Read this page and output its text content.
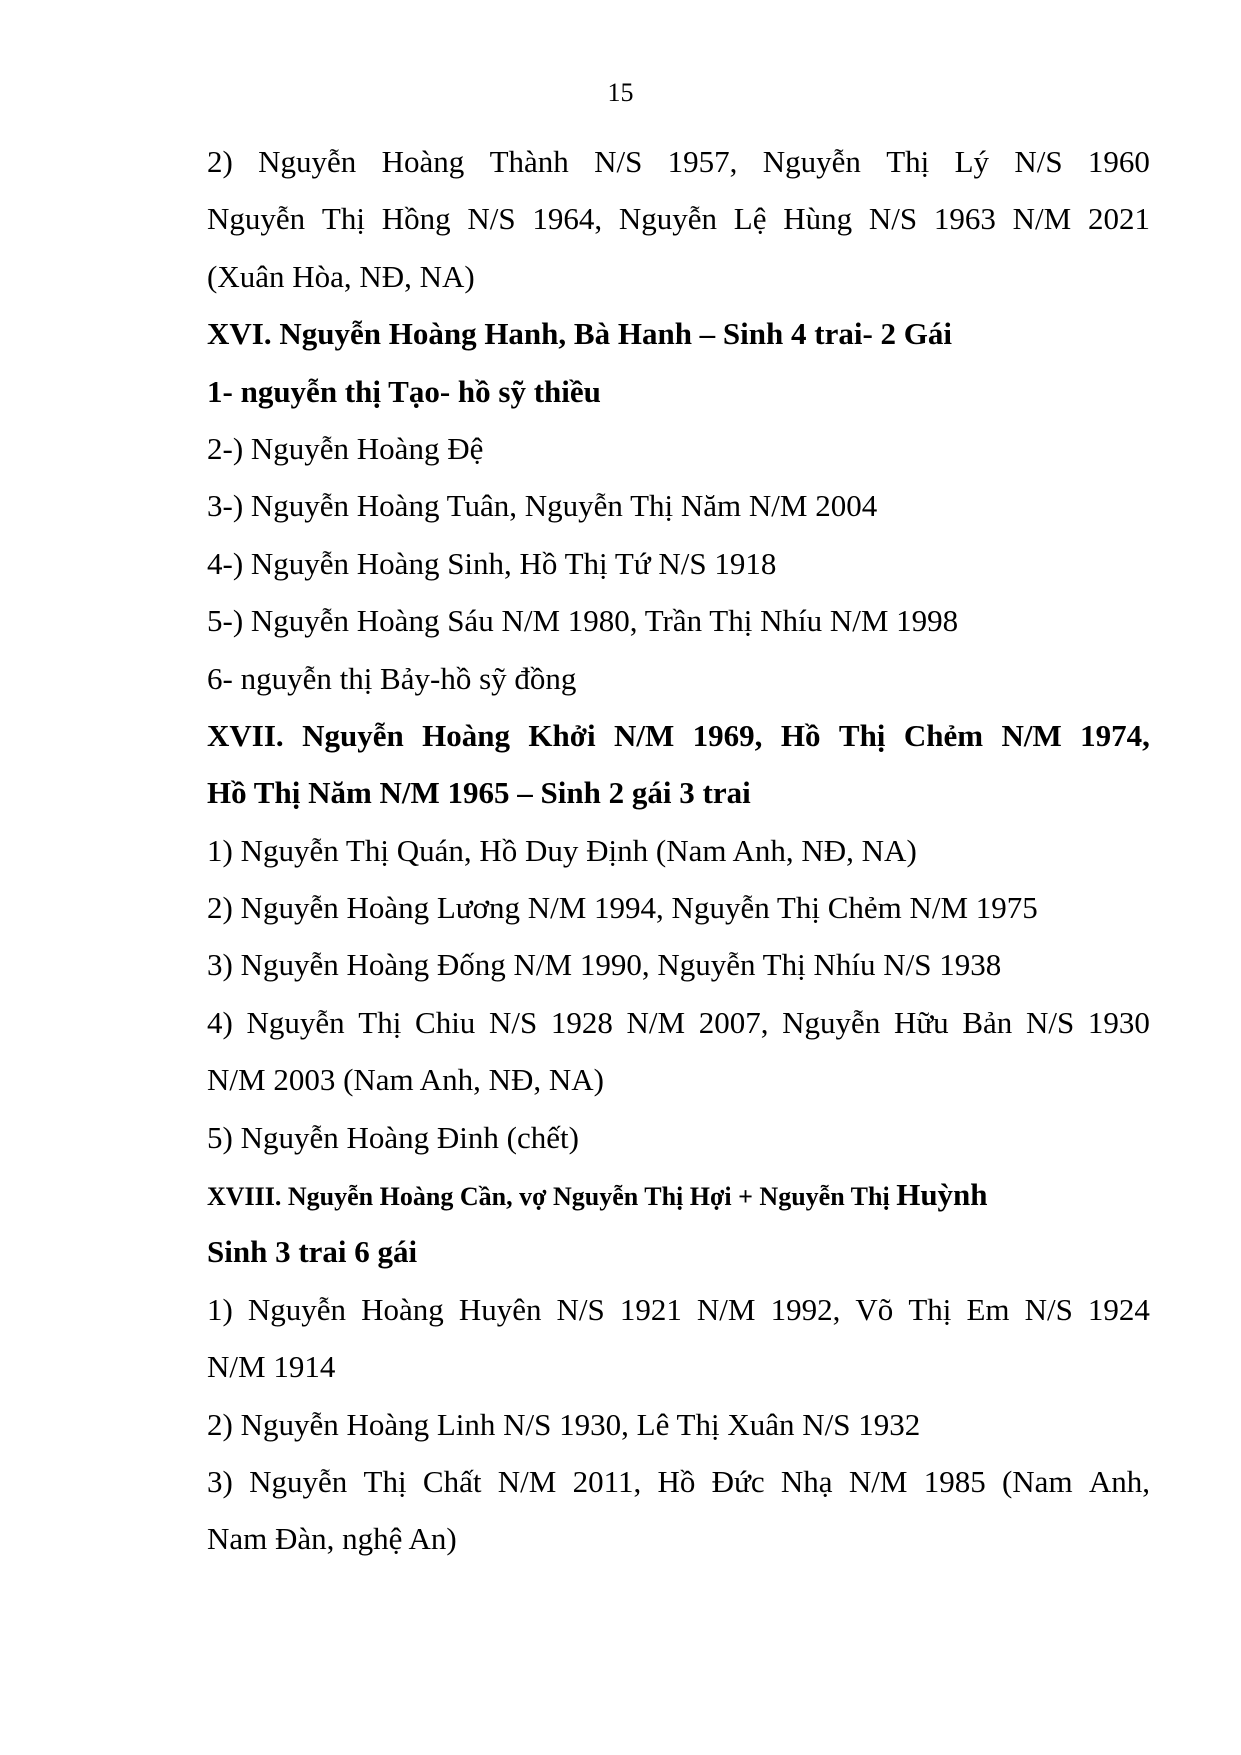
15
2) Nguyễn Hoàng Thành N/S 1957, Nguyễn Thị Lý N/S 1960
Nguyễn Thị Hồng N/S 1964, Nguyễn Lệ Hùng N/S 1963 N/M 2021
(Xuân Hòa, NĐ, NA)
XVI. Nguyễn Hoàng Hanh, Bà Hanh – Sinh 4 trai- 2 Gái
1- nguyễn thị Tạo- hồ sỹ thiều
2-) Nguyễn Hoàng Đệ
3-) Nguyễn Hoàng Tuân, Nguyễn Thị Năm N/M 2004
4-) Nguyễn Hoàng Sinh, Hồ Thị Tứ N/S 1918
5-) Nguyễn Hoàng Sáu N/M 1980, Trần Thị Nhíu N/M 1998
6- nguyễn thị Bảy-hồ sỹ đồng
XVII. Nguyễn Hoàng Khởi N/M 1969, Hồ Thị Chẻm N/M 1974,
Hồ Thị Năm N/M 1965 – Sinh 2 gái 3 trai
1) Nguyễn Thị Quán, Hồ Duy Định (Nam Anh, NĐ, NA)
2) Nguyễn Hoàng Lương N/M 1994, Nguyễn Thị Chẻm N/M 1975
3) Nguyễn Hoàng Đống N/M 1990, Nguyễn Thị Nhíu N/S 1938
4) Nguyễn Thị Chiu N/S 1928 N/M 2007, Nguyễn Hữu Bản N/S 1930
N/M 2003 (Nam Anh, NĐ, NA)
5) Nguyễn Hoàng Đinh (chết)
XVIII. Nguyễn Hoàng Cần, vợ Nguyễn Thị Hợi + Nguyễn Thị Huỳnh
Sinh 3 trai 6 gái
1) Nguyễn Hoàng Huyên N/S 1921 N/M 1992, Võ Thị Em N/S 1924
N/M 1914
2) Nguyễn Hoàng Linh N/S 1930, Lê Thị Xuân N/S 1932
3) Nguyễn Thị Chất N/M 2011, Hồ Đức Nhạ N/M 1985 (Nam Anh,
Nam Đàn, nghệ An)
